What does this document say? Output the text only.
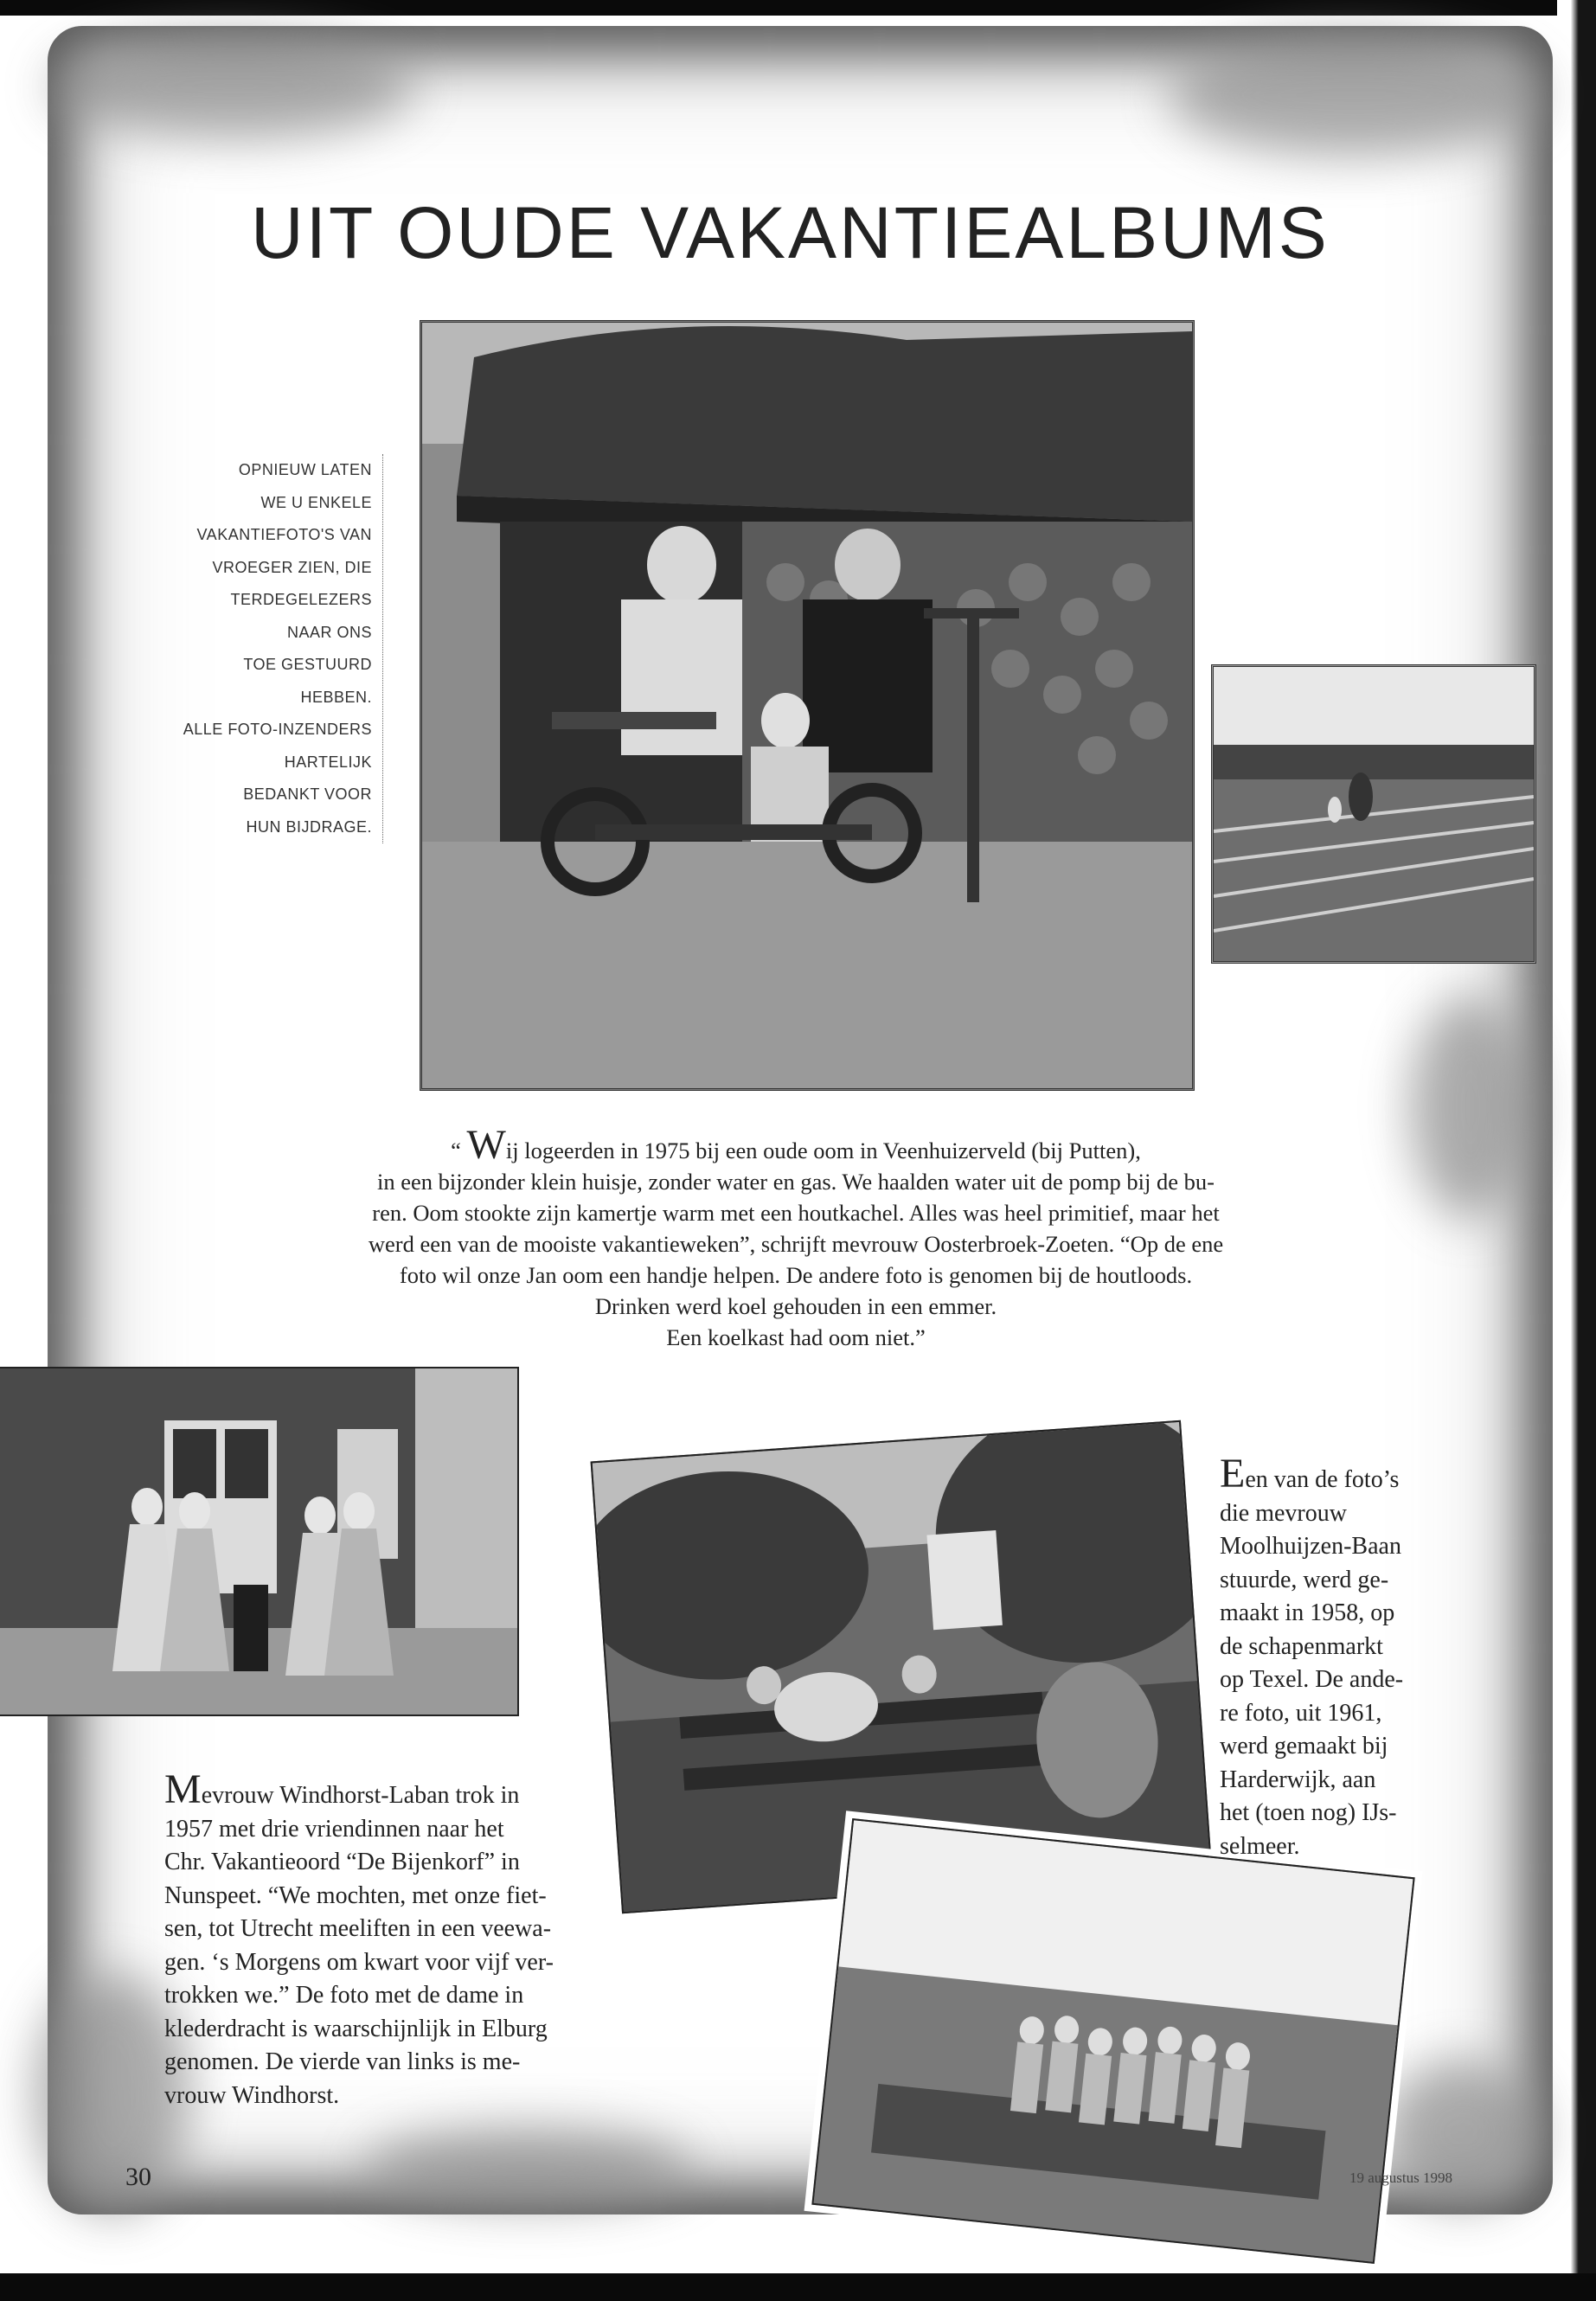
UIT OUDE VAKANTIEALBUMS
OPNIEUW LATEN
WE U ENKELE
VAKANTIEFOTO'S VAN
VROEGER ZIEN, DIE
TERDEGELEZERS
NAAR ONS
TOE GESTUURD
HEBBEN.
ALLE FOTO-INZENDERS
HARTELIJK
BEDANKT VOOR
HUN BIJDRAGE.
“ Wij logeerden in 1975 bij een oude oom in Veenhuizerveld (bij Putten),
in een bijzonder klein huisje, zonder water en gas. We haalden water uit de pomp bij de bu-
ren. Oom stookte zijn kamertje warm met een houtkachel. Alles was heel primitief, maar het
werd een van de mooiste vakantieweken”, schrijft mevrouw Oosterbroek-Zoeten. “Op de ene
foto wil onze Jan oom een handje helpen. De andere foto is genomen bij de houtloods.
Drinken werd koel gehouden in een emmer.
Een koelkast had oom niet.”
Een van de foto’s
die mevrouw
Moolhuijzen-Baan
stuurde, werd ge-
maakt in 1958, op
de schapenmarkt
op Texel. De ande-
re foto, uit 1961,
werd gemaakt bij
Harderwijk, aan
het (toen nog) IJs-
selmeer.
Mevrouw Windhorst-Laban trok in
1957 met drie vriendinnen naar het
Chr. Vakantieoord “De Bijenkorf” in
Nunspeet. “We mochten, met onze fiet-
sen, tot Utrecht meeliften in een veewa-
gen. ‘s Morgens om kwart voor vijf ver-
trokken we.” De foto met de dame in
klederdracht is waarschijnlijk in Elburg
genomen. De vierde van links is me-
vrouw Windhorst.
30	19 augustus 1998
